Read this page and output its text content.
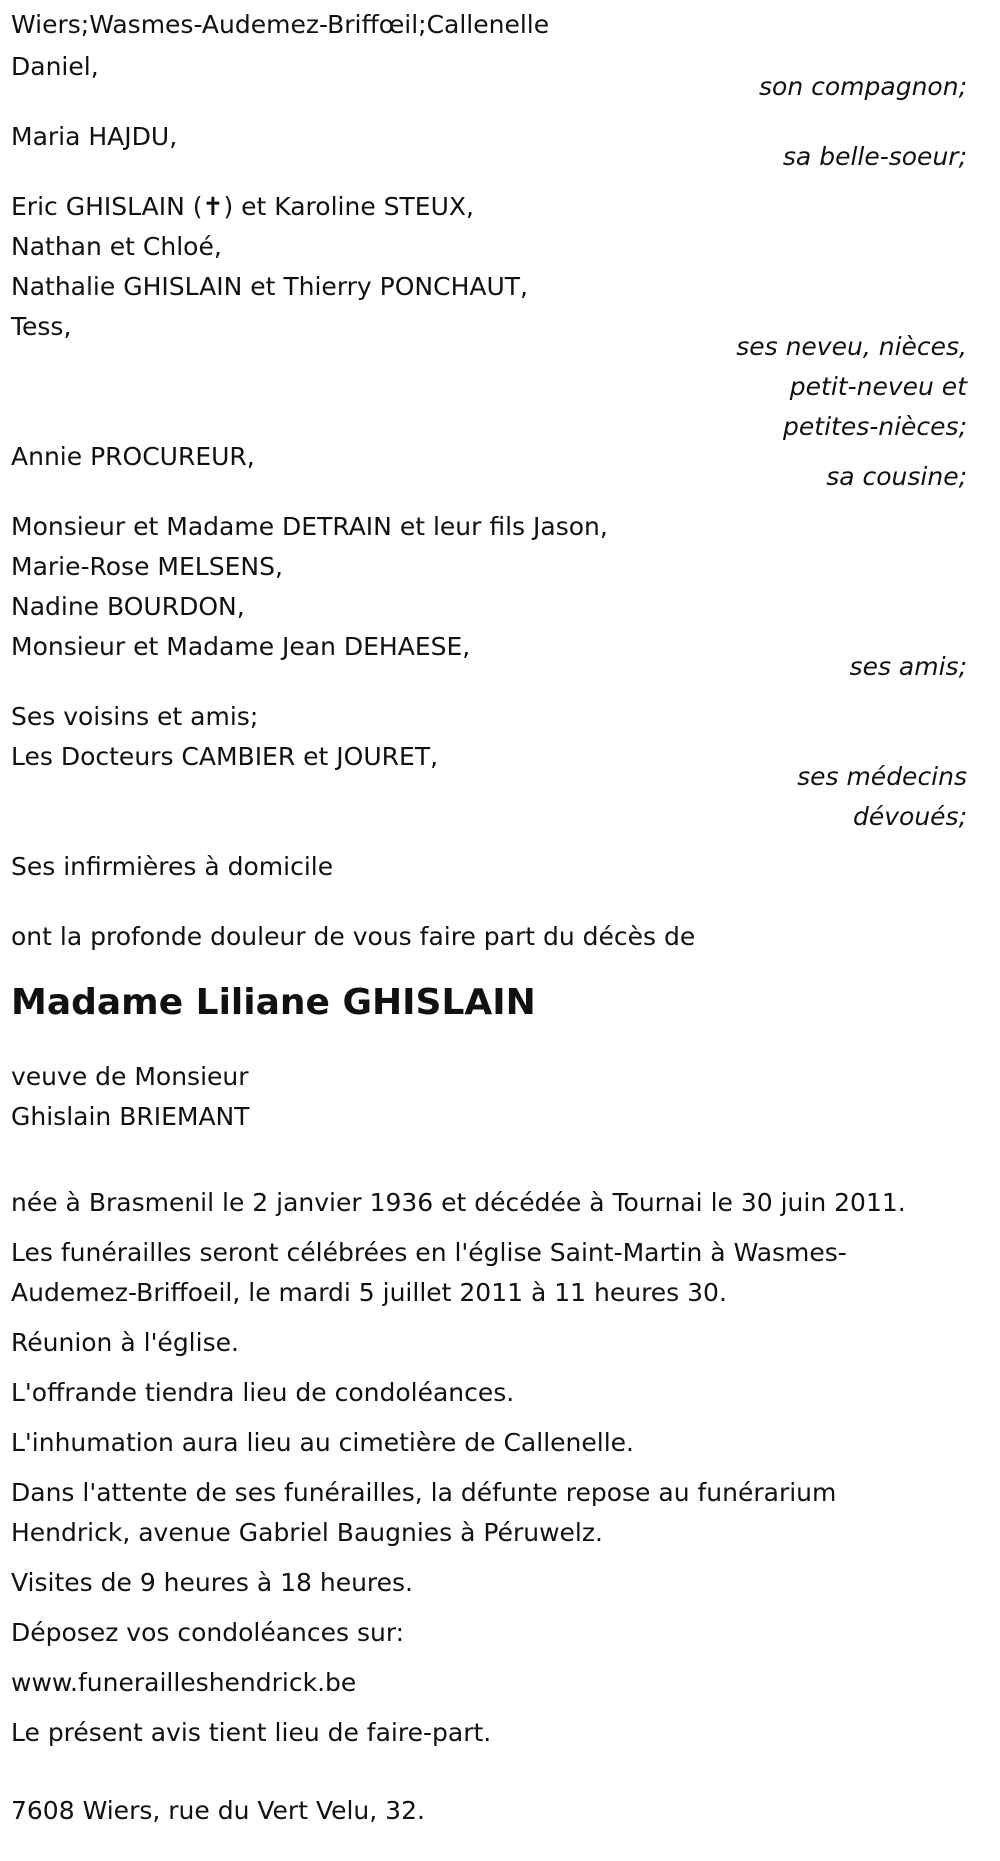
Wiers;Wasmes-Audemez-Briffœil;Callenelle

Daniel,

son compagnon;

Maria HAJDU,

sa belle-soeur;

Eric GHISLAIN (✝) et Karoline STEUX,

Nathan et Chloé,

Nathalie GHISLAIN et Thierry PONCHAUT,

Tess,

ses neveu, nièces,

petit-neveu et

petites-nièces;

Annie PROCUREUR,

sa cousine;

Monsieur et Madame DETRAIN et leur fils Jason,

Marie-Rose MELSENS,

Nadine BOURDON,

Monsieur et Madame Jean DEHAESE,

ses amis;

Ses voisins et amis;

Les Docteurs CAMBIER et JOURET,

ses médecins

dévoués;

Ses infirmières à domicile

ont la profonde douleur de vous faire part du décès de

Madame Liliane GHISLAIN

veuve de Monsieur

Ghislain BRIEMANT

née à Brasmenil le 2 janvier 1936 et décédée à Tournai le 30 juin 2011.

Les funérailles seront célébrées en l'église Saint-Martin à Wasmes-

Audemez-Briffoeil, le mardi 5 juillet 2011 à 11 heures 30.

Réunion à l'église.

L'offrande tiendra lieu de condoléances.

L'inhumation aura lieu au cimetière de Callenelle.

Dans l'attente de ses funérailles, la défunte repose au funérarium

Hendrick, avenue Gabriel Baugnies à Péruwelz.

Visites de 9 heures à 18 heures.

Déposez vos condoléances sur:

www.funerailleshendrick.be

Le présent avis tient lieu de faire-part.

7608 Wiers, rue du Vert Velu, 32.
